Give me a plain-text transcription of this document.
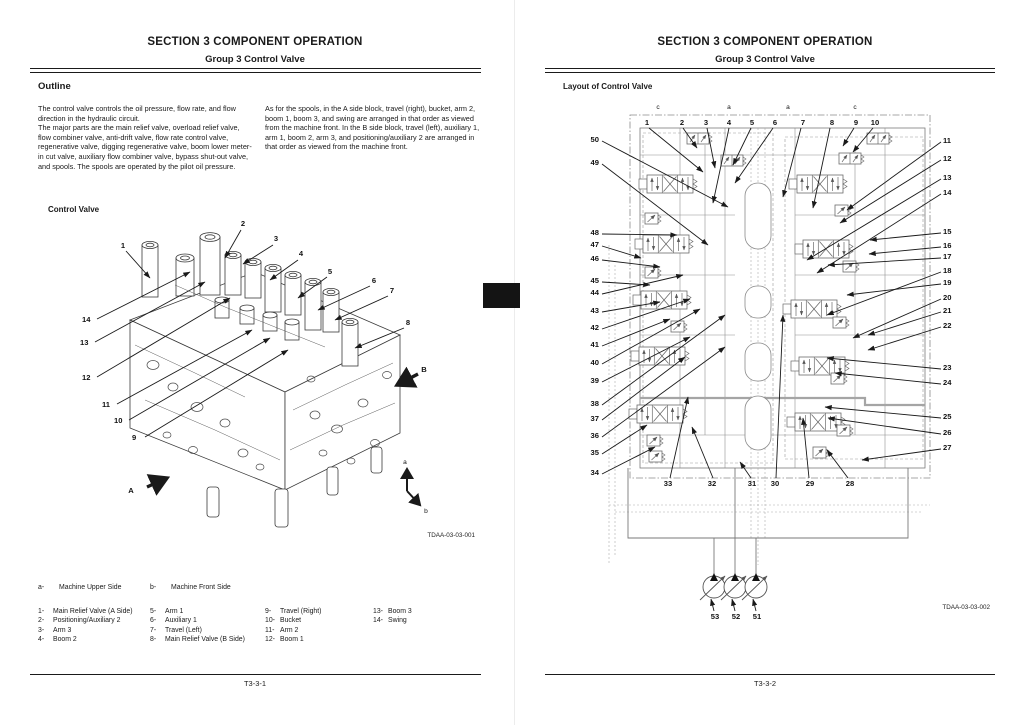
SECTION 3 COMPONENT OPERATION
Group 3 Control Valve
Outline
The control valve controls the oil pressure, flow rate, and flow direction in the hydraulic circuit.
The major parts are the main relief valve, overload relief valve, flow combiner valve, anti-drift valve, flow rate control valve, regenerative valve, digging regenerative valve, boom lower meter-in cut valve, auxiliary flow combiner valve, bypass shut-out valve, and spools. The spools are operated by the pilot oil pressure.
As for the spools, in the A side block, travel (right), bucket, arm 2, boom 1, boom 3, and swing are arranged in that order as viewed from the machine front. In the B side block, travel (left), auxiliary 1, arm 1, boom 2, arm 3, and positioning/auxiliary 2 are arranged in that order as viewed from the machine front.
Control Valve
A
B
a
b
TDAA-03-03-001
1
2
3
4
5
6
7
8
14
13
12
11
10
9
a- Machine Upper Side	b- Machine Front Side
1- Main Relief Valve (A Side)
2- Positioning/Auxiliary 2
3- Arm 3
4- Boom 2
5- Arm 1
6- Auxiliary 1
7- Travel (Left)
8- Main Relief Valve (B Side)
9- Travel (Right)
10- Bucket
11- Arm 2
12- Boom 1
13- Boom 3
14- Swing
T3-3-1
SECTION 3 COMPONENT OPERATION
Group 3 Control Valve
Layout of Control Valve
T3-3-2
TDAA-03-03-002
c	a	a	c
1	2	3 4 5 6	7	8	9 10
50
49
48
47
46
45
44
43
42
41
40
39
38
37
36
35
34
11
12
13
14
15
16
17
18
19
20
21
22
23
24
25
26
27
33	32	31 30	29	28
53 52 51
